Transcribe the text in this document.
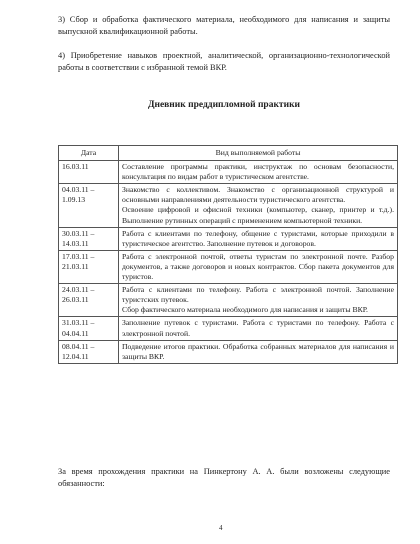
3) Сбор и обработка фактического материала, необходимого для написания и защиты выпускной квалификационной работы.

4) Приобретение навыков проектной, аналитической, организационно-технологической работы в соответствии с избранной темой ВКР.

Дневник преддипломной практики

Дата	Вид выполняемой работы
16.03.11	Составление программы практики, инструктаж по основам безопасности, консультация по видам работ в туристическом агентстве.

04.03.11 – 1.09.13	Знакомство с коллективом. Знакомство с организационной структурой и основными направлениями деятельности туристического агентства.

Освоение цифровой и офисной техники (компьютер, сканер, принтер и т.д.). Выполнение рутинных операций с применением компьютерной техники.

30.03.11 – 14.03.11	Работа с клиентами по телефону, общение с туристами, которые приходили в туристическое агентство. Заполнение путевок и договоров.

17.03.11 – 21.03.11	Работа с электронной почтой, ответы туристам по электронной почте. Разбор документов, а также договоров и новых контрактов. Сбор пакета документов для туристов.

24.03.11 – 26.03.11	Работа с клиентами по телефону. Работа с электронной почтой. Заполнение туристских путевок.

Сбор фактического материала необходимого для написания и защиты ВКР.

31.03.11 – 04.04.11	Заполнение путевок с туристами. Работа с туристами по телефону. Работа с электронной почтой.

08.04.11 – 12.04.11	Подведение итогов практики. Обработка собранных материалов для написания и защиты ВКР.

За время прохождения практики на Пинкертону А. А. были возложены следующие обязанности:

4
